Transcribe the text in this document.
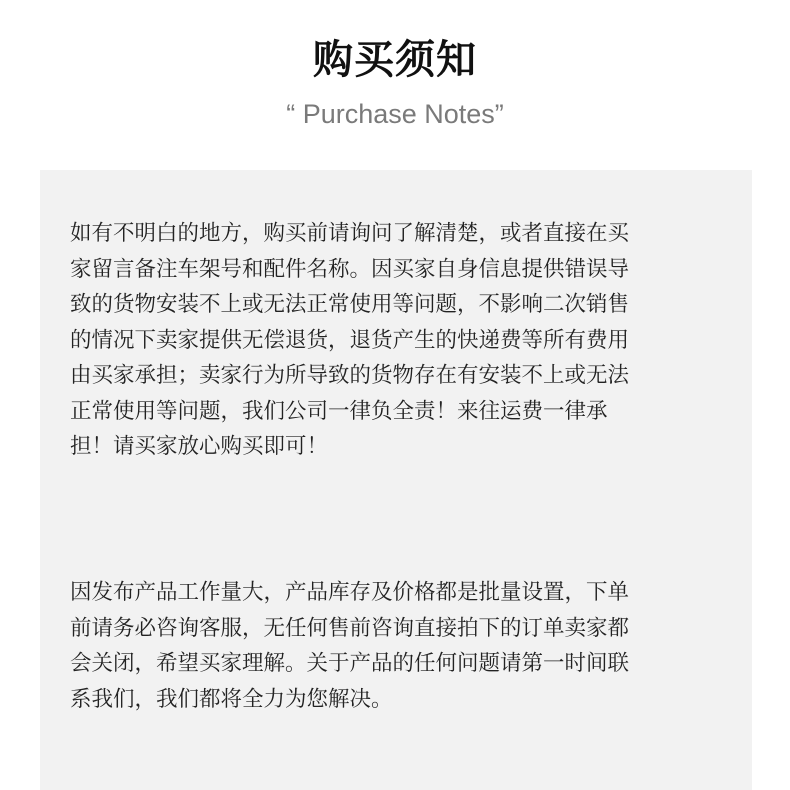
购买须知
“ Purchase Notes”

如有不明白的地方，购买前请询问了解清楚，或者直接在买
家留言备注车架号和配件名称。因买家自身信息提供错误导
致的货物安装不上或无法正常使用等问题，不影响二次销售
的情况下卖家提供无偿退货，退货产生的快递费等所有费用
由买家承担；卖家行为所导致的货物存在有安装不上或无法
正常使用等问题，我们公司一律负全责！来往运费一律承
担！请买家放心购买即可！

因发布产品工作量大，产品库存及价格都是批量设置，下单
前请务必咨询客服，无任何售前咨询直接拍下的订单卖家都
会关闭，希望买家理解。关于产品的任何问题请第一时间联
系我们，我们都将全力为您解决。
